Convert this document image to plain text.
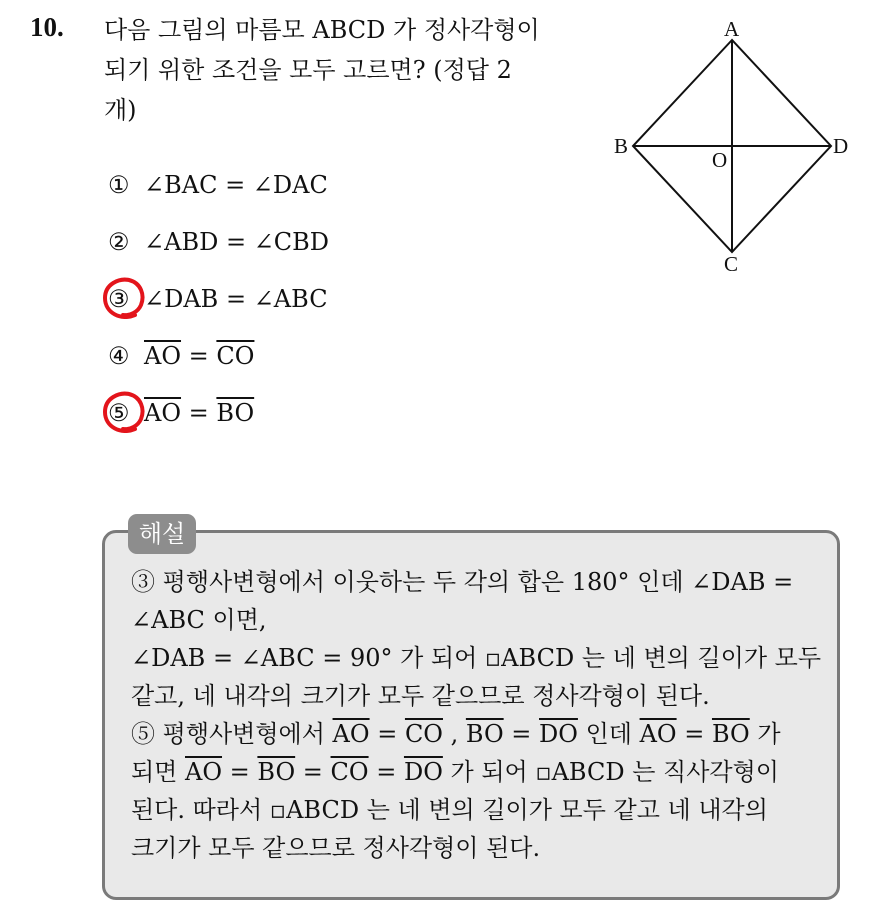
10. 다음 그림의 마름모 ABCD 가 정사각형이
되기 위한 조건을 모두 고르면? (정답 2
개)
A
B
C
D
O
① ∠BAC = ∠DAC
② ∠ABD = ∠CBD
③ ∠DAB = ∠ABC
④ $\overline{AO} = \overline{CO}$
⑤ $\overline{AO} = \overline{BO}$
해설
③ 평행사변형에서 이웃하는 두 각의 합은 180° 인데 ∠DAB =
∠ABC 이면,
∠DAB = ∠ABC = 90° 가 되어 ▫ABCD 는 네 변의 길이가 모두
같고, 네 내각의 크기가 모두 같으므로 정사각형이 된다.
⑤ 평행사변형에서 $\overline{AO} = \overline{CO}$ , $\overline{BO} = \overline{DO}$ 인데 $\overline{AO} = \overline{BO}$ 가
되면 $\overline{AO} = \overline{BO} = \overline{CO} = \overline{DO}$ 가 되어 ▫ABCD 는 직사각형이
된다. 따라서 ▫ABCD 는 네 변의 길이가 모두 같고 네 내각의
크기가 모두 같으므로 정사각형이 된다.
